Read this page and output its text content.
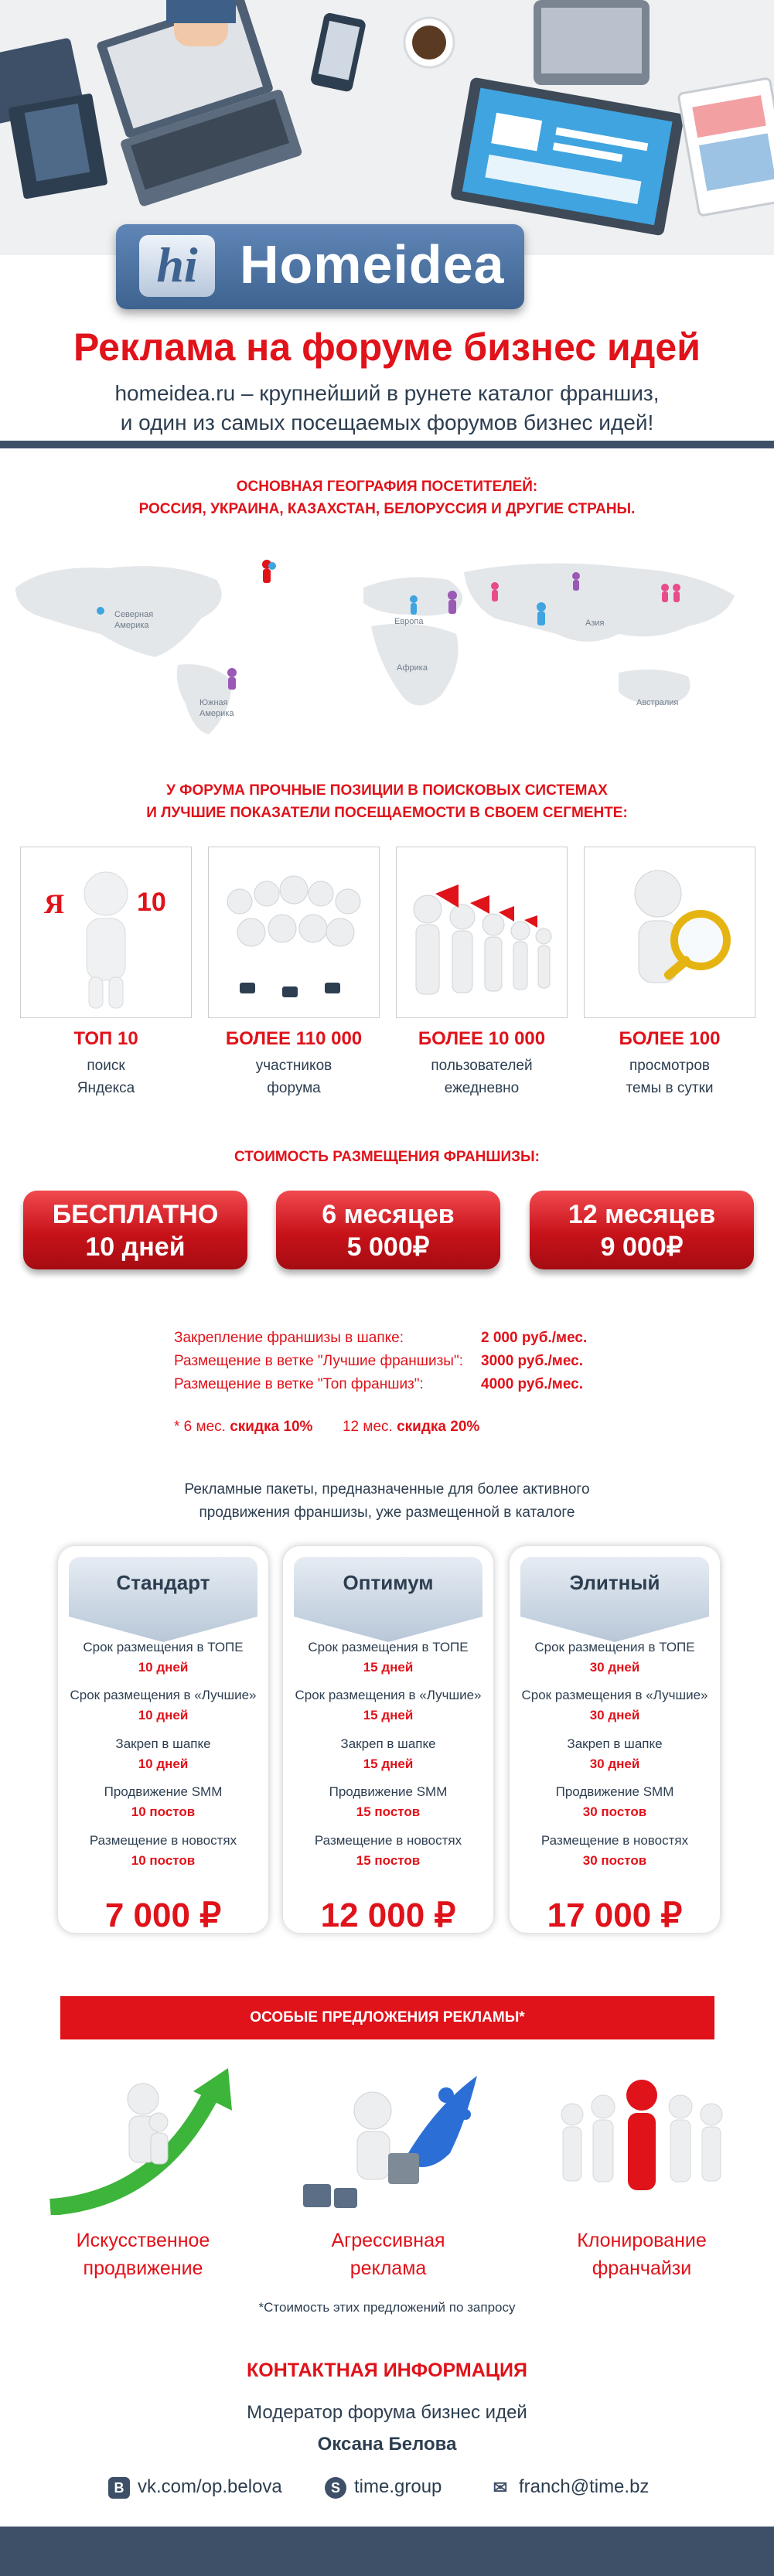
hi Homeidea
Реклама на форуме бизнес идей
homeidea.ru – крупнейший в рунете каталог франшиз,
и один из самых посещаемых форумов бизнес идей!
ОСНОВНАЯ ГЕОГРАФИЯ ПОСЕТИТЕЛЕЙ:
РОССИЯ, УКРАИНА, КАЗАХСТАН, БЕЛОРУССИЯ И ДРУГИЕ СТРАНЫ.
Северная Америка
Южная Америка
Европа
Африка
Азия
Австралия
У ФОРУМА ПРОЧНЫЕ ПОЗИЦИИ В ПОИСКОВЫХ СИСТЕМАХ
И ЛУЧШИЕ ПОКАЗАТЕЛИ ПОСЕЩАЕМОСТИ В СВОЕМ СЕГМЕНТЕ:
Я	10
ТОП 10
поиск
Яндекса
БОЛЕЕ 110 000
участников
форума
БОЛЕЕ 10 000
пользователей
ежедневно
БОЛЕЕ 100
просмотров
темы в сутки
СТОИМОСТЬ РАЗМЕЩЕНИЯ ФРАНШИЗЫ:
БЕСПЛАТНО
10 дней
6 месяцев
5 000₽
12 месяцев
9 000₽
Закрепление франшизы в шапке:	2 000 руб./мес.
Размещение в ветке "Лучшие франшизы": 3000 руб./мес.
Размещение в ветке "Топ франшиз":	4000 руб./мес.
* 6 мес. скидка 10% 12 мес. скидка 20%
Рекламные пакеты, предназначенные для более активного
продвижения франшизы, уже размещенной в каталоге
Стандарт
Срок размещения в ТОПЕ
10 дней
Срок размещения в «Лучшие»
10 дней
Закреп в шапке
10 дней
Продвижение SMM
10 постов
Размещение в новостях
10 постов
7 000 ₽
Оптимум
Срок размещения в ТОПЕ
15 дней
Срок размещения в «Лучшие»
15 дней
Закреп в шапке
15 дней
Продвижение SMM
15 постов
Размещение в новостях
15 постов
12 000 ₽
Элитный
Срок размещения в ТОПЕ
30 дней
Срок размещения в «Лучшие»
30 дней
Закреп в шапке
30 дней
Продвижение SMM
30 постов
Размещение в новостях
30 постов
17 000 ₽
ОСОБЫЕ ПРЕДЛОЖЕНИЯ РЕКЛАМЫ*
Искусственное
продвижение
Агрессивная
реклама
Клонирование
франчайзи
*Стоимость этих предложений по запросу
КОНТАКТНАЯ ИНФОРМАЦИЯ
Модератор форума бизнес идей
Оксана Белова
B vk.com/op.belova	S time.group	✉ franch@time.bz
